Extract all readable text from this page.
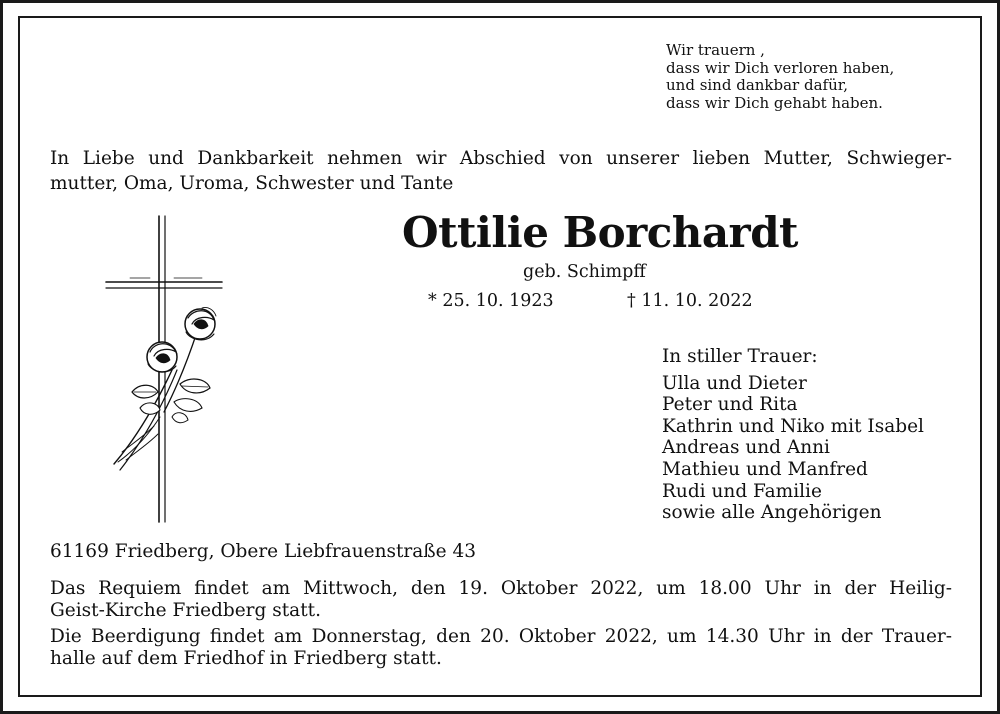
Wir trauern ,
dass wir Dich verloren haben,
und sind dankbar dafür,
dass wir Dich gehabt haben.
In Liebe und Dankbarkeit nehmen wir Abschied von unserer lieben Mutter, Schwieger-
mutter, Oma, Uroma, Schwester und Tante
Ottilie Borchardt
geb. Schimpff
* 25. 10. 1923	† 11. 10. 2022
In stiller Trauer:
Ulla und Dieter
Peter und Rita
Kathrin und Niko mit Isabel
Andreas und Anni
Mathieu und Manfred
Rudi und Familie
sowie alle Angehörigen
61169 Friedberg, Obere Liebfrauenstraße 43
Das Requiem findet am Mittwoch, den 19. Oktober 2022, um 18.00 Uhr in der Heilig-
Geist-Kirche Friedberg statt.
Die Beerdigung findet am Donnerstag, den 20. Oktober 2022, um 14.30 Uhr in der Trauer-
halle auf dem Friedhof in Friedberg statt.
